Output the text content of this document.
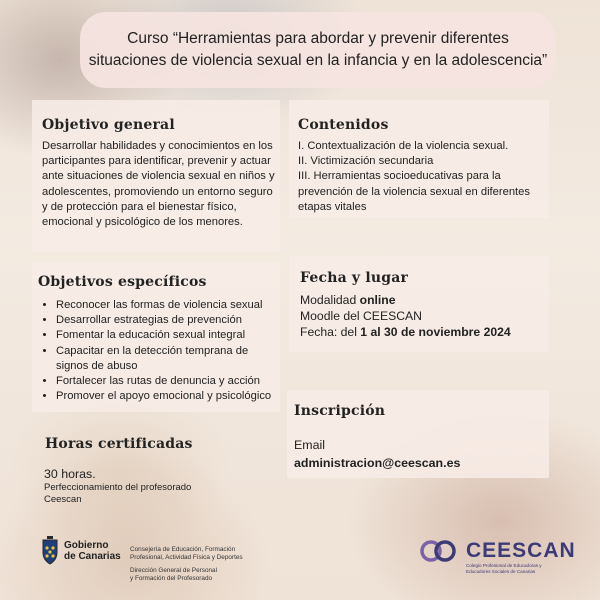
Curso “Herramientas para abordar y prevenir diferentes situaciones de violencia sexual en la infancia y en la adolescencia”
Objetivo general
Desarrollar habilidades y conocimientos en los participantes para identificar, prevenir y actuar ante situaciones de violencia sexual en niños y adolescentes, promoviendo un entorno seguro y de protección para el bienestar físico, emocional y psicológico de los menores.
Contenidos
I. Contextualización de la violencia sexual.
II. Victimización secundaria
III. Herramientas socioeducativas para la prevención de la violencia sexual en diferentes etapas vitales
Objetivos específicos
• Reconocer las formas de violencia sexual
• Desarrollar estrategias de prevención
• Fomentar la educación sexual integral
• Capacitar en la detección temprana de signos de abuso
• Fortalecer las rutas de denuncia y acción
• Promover el apoyo emocional y psicológico
Fecha y lugar
Modalidad online
Moodle del CEESCAN
Fecha: del 1 al 30 de noviembre 2024
Inscripción
Email
administracion@ceescan.es
Horas certificadas
30 horas.
Perfeccionamiento del profesorado
Ceescan
Gobierno
de Canarias
Consejería de Educación, Formación
Profesional, Actividad Física y Deportes
Dirección General de Personal
y Formación del Profesorado
CEESCAN
Colegio Profesional de Educadoras y Educadores Sociales de Canarias
